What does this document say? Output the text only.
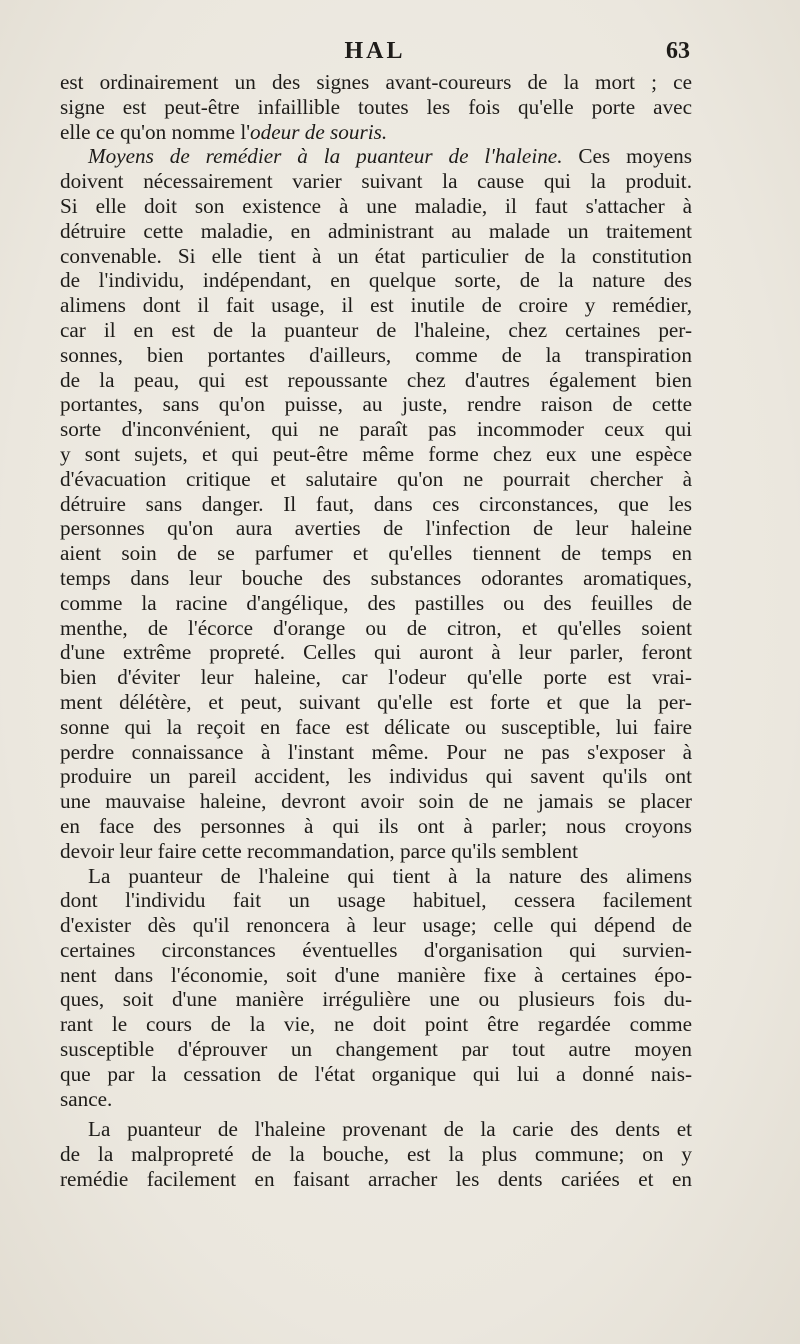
HAL	63
est ordinairement un des signes avant-coureurs de la mort ; ce
signe est peut-être infaillible toutes les fois qu'elle porte avec
elle ce qu'on nomme l'odeur de souris.
Moyens de remédier à la puanteur de l'haleine. Ces moyens
doivent nécessairement varier suivant la cause qui la produit.
Si elle doit son existence à une maladie, il faut s'attacher à
détruire cette maladie, en administrant au malade un traitement
convenable. Si elle tient à un état particulier de la constitution
de l'individu, indépendant, en quelque sorte, de la nature des
alimens dont il fait usage, il est inutile de croire y remédier,
car il en est de la puanteur de l'haleine, chez certaines per-
sonnes, bien portantes d'ailleurs, comme de la transpiration
de la peau, qui est repoussante chez d'autres également bien
portantes, sans qu'on puisse, au juste, rendre raison de cette
sorte d'inconvénient, qui ne paraît pas incommoder ceux qui
y sont sujets, et qui peut-être même forme chez eux une espèce
d'évacuation critique et salutaire qu'on ne pourrait chercher à
détruire sans danger. Il faut, dans ces circonstances, que les
personnes qu'on aura averties de l'infection de leur haleine
aient soin de se parfumer et qu'elles tiennent de temps en
temps dans leur bouche des substances odorantes aromatiques,
comme la racine d'angélique, des pastilles ou des feuilles de
menthe, de l'écorce d'orange ou de citron, et qu'elles soient
d'une extrême propreté. Celles qui auront à leur parler, feront
bien d'éviter leur haleine, car l'odeur qu'elle porte est vrai-
ment délétère, et peut, suivant qu'elle est forte et que la per-
sonne qui la reçoit en face est délicate ou susceptible, lui faire
perdre connaissance à l'instant même. Pour ne pas s'exposer à
produire un pareil accident, les individus qui savent qu'ils ont
une mauvaise haleine, devront avoir soin de ne jamais se placer
en face des personnes à qui ils ont à parler; nous croyons
devoir leur faire cette recommandation, parce qu'ils semblent
La puanteur de l'haleine qui tient à la nature des alimens
dont l'individu fait un usage habituel, cessera facilement
d'exister dès qu'il renoncera à leur usage; celle qui dépend de
certaines circonstances éventuelles d'organisation qui survien-
nent dans l'économie, soit d'une manière fixe à certaines épo-
ques, soit d'une manière irrégulière une ou plusieurs fois du-
rant le cours de la vie, ne doit point être regardée comme
susceptible d'éprouver un changement par tout autre moyen
que par la cessation de l'état organique qui lui a donné nais-
sance.
La puanteur de l'haleine provenant de la carie des dents et
de la malpropreté de la bouche, est la plus commune; on y
remédie facilement en faisant arracher les dents cariées et en
